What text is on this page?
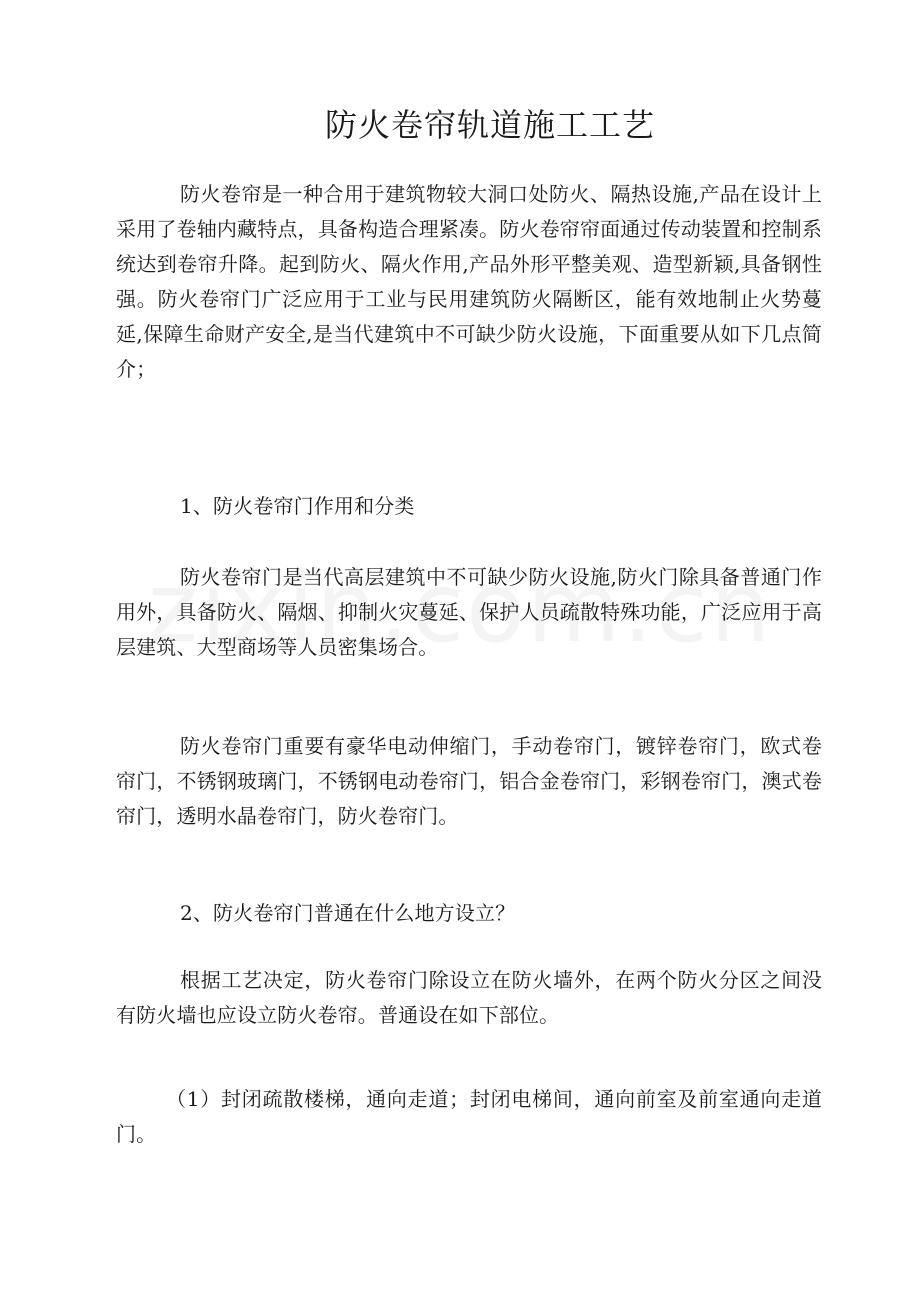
防火卷帘轨道施工工艺

防火卷帘是一种合用于建筑物较大洞口处防火、隔热设施,产品在设计上采用了卷轴内藏特点，具备构造合理紧凑。防火卷帘帘面通过传动装置和控制系统达到卷帘升降。起到防火、隔火作用,产品外形平整美观、造型新颖,具备钢性强。防火卷帘门广泛应用于工业与民用建筑防火隔断区，能有效地制止火势蔓延,保障生命财产安全,是当代建筑中不可缺少防火设施，下面重要从如下几点简介；

1、防火卷帘门作用和分类

防火卷帘门是当代高层建筑中不可缺少防火设施,防火门除具备普通门作用外，具备防火、隔烟、抑制火灾蔓延、保护人员疏散特殊功能，广泛应用于高层建筑、大型商场等人员密集场合。

防火卷帘门重要有豪华电动伸缩门，手动卷帘门，镀锌卷帘门，欧式卷帘门，不锈钢玻璃门，不锈钢电动卷帘门，铝合金卷帘门，彩钢卷帘门，澳式卷帘门，透明水晶卷帘门，防火卷帘门。

2、防火卷帘门普通在什么地方设立？

根据工艺决定，防火卷帘门除设立在防火墙外，在两个防火分区之间没有防火墙也应设立防火卷帘。普通设在如下部位。

（1）封闭疏散楼梯，通向走道；封闭电梯间，通向前室及前室通向走道门。
